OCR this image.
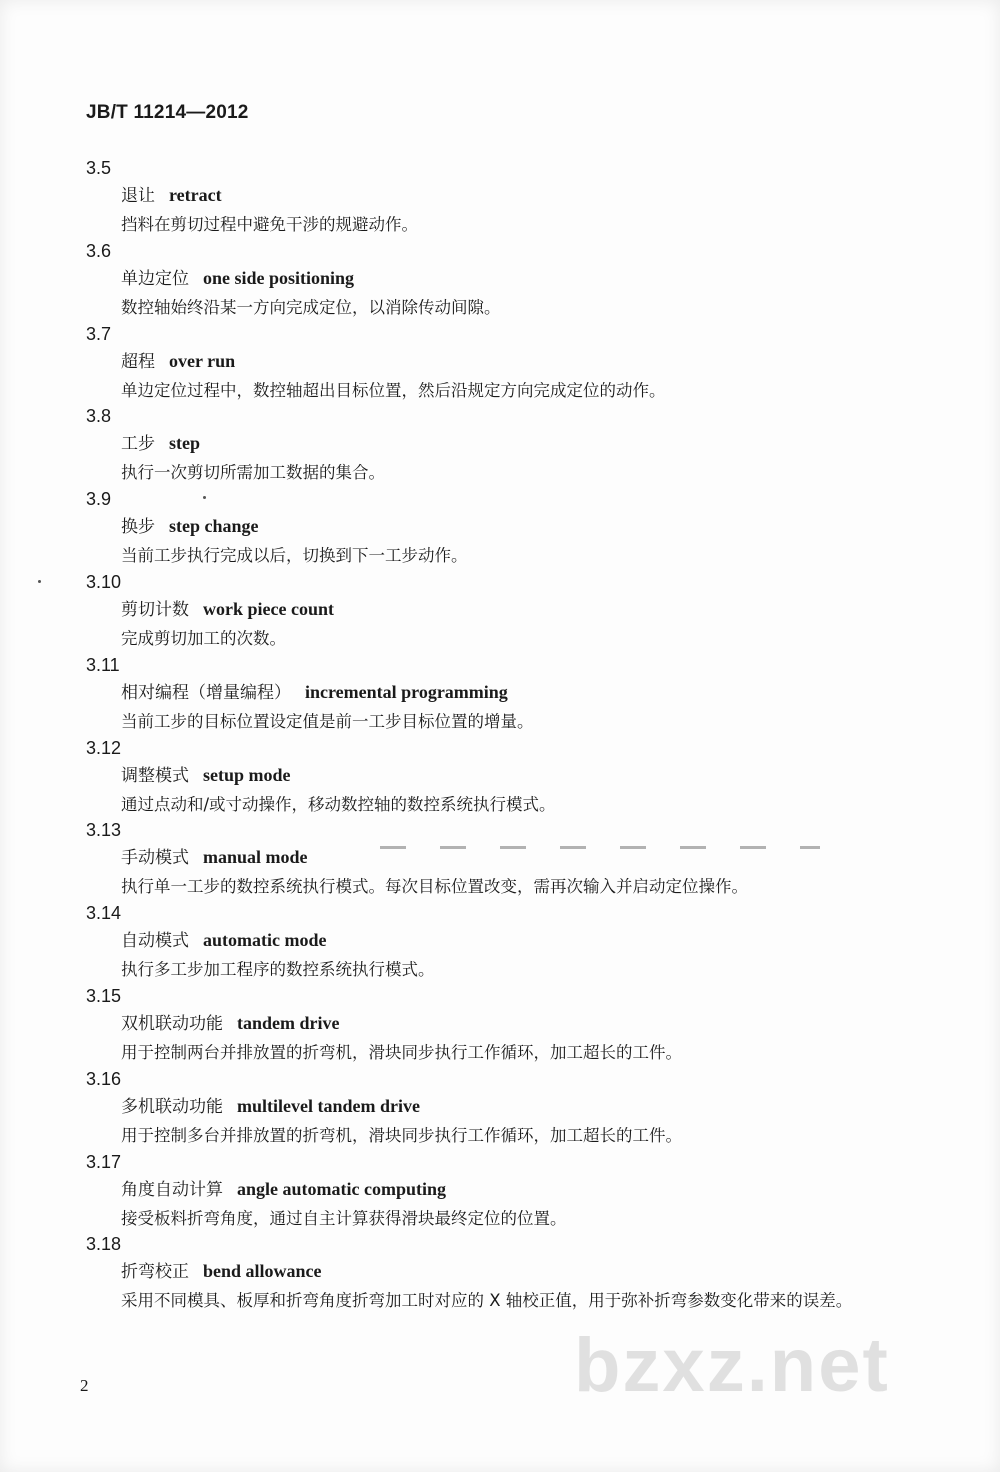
JB/T 11214—2012
3.5
退让 retract
挡料在剪切过程中避免干涉的规避动作。
3.6
单边定位 one side positioning
数控轴始终沿某一方向完成定位，以消除传动间隙。
3.7
超程 over run
单边定位过程中，数控轴超出目标位置，然后沿规定方向完成定位的动作。
3.8
工步 step
执行一次剪切所需加工数据的集合。
3.9
换步 step change
当前工步执行完成以后，切换到下一工步动作。
3.10
剪切计数 work piece count
完成剪切加工的次数。
3.11
相对编程（增量编程） incremental programming
当前工步的目标位置设定值是前一工步目标位置的增量。
3.12
调整模式 setup mode
通过点动和/或寸动操作，移动数控轴的数控系统执行模式。
3.13
手动模式 manual mode
执行单一工步的数控系统执行模式。每次目标位置改变，需再次输入并启动定位操作。
3.14
自动模式 automatic mode
执行多工步加工程序的数控系统执行模式。
3.15
双机联动功能 tandem drive
用于控制两台并排放置的折弯机，滑块同步执行工作循环，加工超长的工件。
3.16
多机联动功能 multilevel tandem drive
用于控制多台并排放置的折弯机，滑块同步执行工作循环，加工超长的工件。
3.17
角度自动计算 angle automatic computing
接受板料折弯角度，通过自主计算获得滑块最终定位的位置。
3.18
折弯校正 bend allowance
采用不同模具、板厚和折弯角度折弯加工时对应的 X 轴校正值，用于弥补折弯参数变化带来的误差。
2	bzxz.net
